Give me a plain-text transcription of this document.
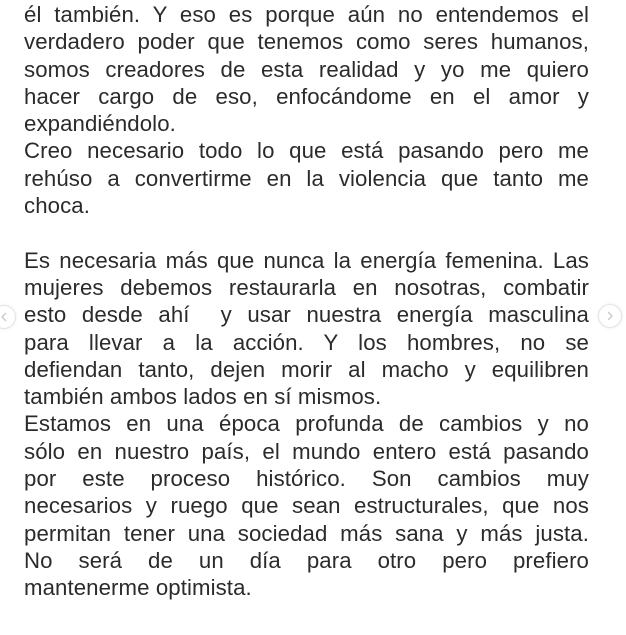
él también. Y eso es porque aún no entendemos el
verdadero poder que tenemos como seres humanos,
somos creadores de esta realidad y yo me quiero
hacer cargo de eso, enfocándome en el amor y
expandiéndolo.
Creo necesario todo lo que está pasando pero me
rehúso a convertirme en la violencia que tanto me
choca.
Es necesaria más que nunca la energía femenina. Las
mujeres debemos restaurarla en nosotras, combatir
esto desde ahí  y usar nuestra energía masculina
para llevar a la acción. Y los hombres, no se
defiendan tanto, dejen morir al macho y equilibren
también ambos lados en sí mismos.
Estamos en una época profunda de cambios y no
sólo en nuestro país, el mundo entero está pasando
por este proceso histórico. Son cambios muy
necesarios y ruego que sean estructurales, que nos
permitan tener una sociedad más sana y más justa.
No será de un día para otro pero prefiero
mantenerme optimista.
